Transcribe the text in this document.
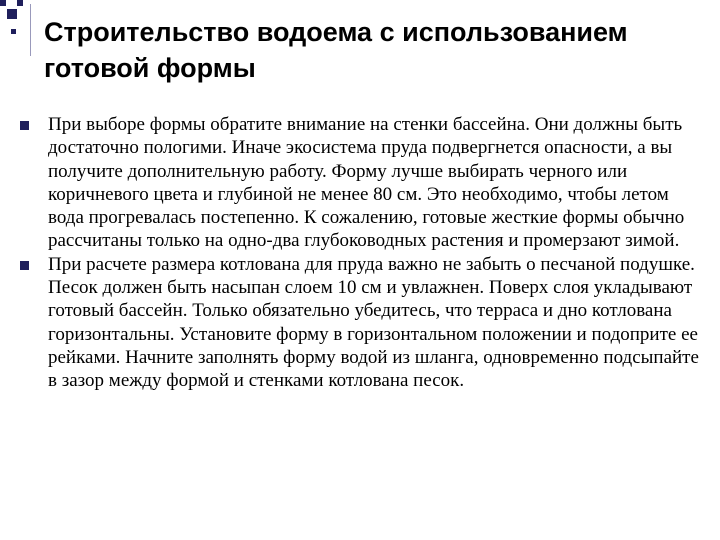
Строительство водоема с использованием готовой формы
При выборе формы обратите внимание на стенки бассейна. Они должны быть достаточно пологими. Иначе экосистема пруда подвергнется опасности, а вы получите дополнительную работу. Форму лучше выбирать черного или коричневого цвета и глубиной не менее 80 см. Это необходимо, чтобы летом вода прогревалась постепенно. К сожалению, готовые жесткие формы обычно рассчитаны только на одно-два глубоководных растения и промерзают зимой.
При расчете размера котлована для пруда важно не забыть о песчаной подушке. Песок должен быть насыпан слоем 10 см и увлажнен. Поверх слоя укладывают готовый бассейн. Только обязательно убедитесь, что терраса и дно котлована горизонтальны. Установите форму в горизонтальном положении и подоприте ее рейками. Начните заполнять форму водой из шланга, одновременно подсыпайте в зазор между формой и стенками котлована песок.
